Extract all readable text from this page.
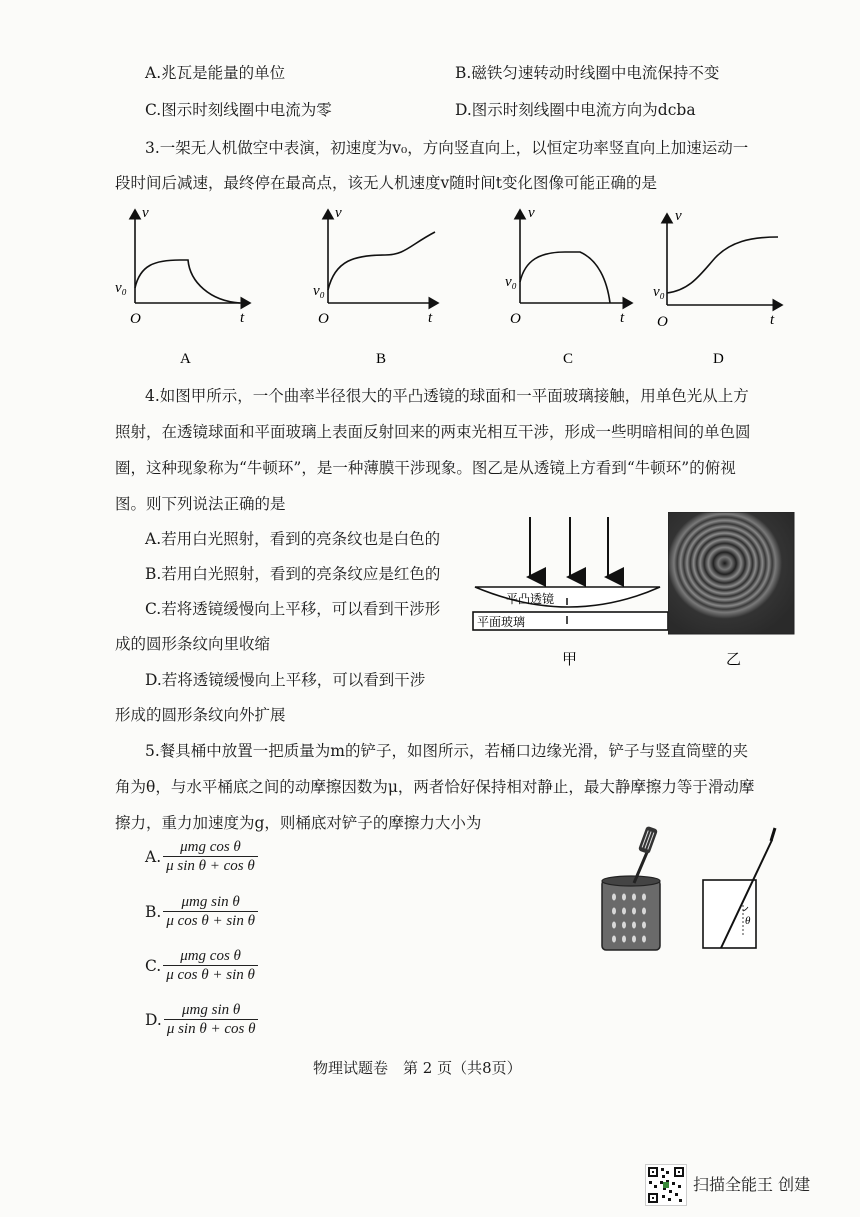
A.兆瓦是能量的单位	B.磁铁匀速转动时线圈中电流保持不变
C.图示时刻线圈中电流为零	D.图示时刻线圈中电流方向为dcba
3.一架无人机做空中表演，初速度为v₀，方向竖直向上，以恒定功率竖直向上加速运动一
段时间后减速，最终停在最高点，该无人机速度v随时间t变化图像可能正确的是
v
t
O
v₀
A
v
t
O
v₀
B
v
t
O
v₀
C
v
t
O
v₀
D
4.如图甲所示，一个曲率半径很大的平凸透镜的球面和一平面玻璃接触，用单色光从上方
照射，在透镜球面和平面玻璃上表面反射回来的两束光相互干涉，形成一些明暗相间的单色圆
圈，这种现象称为“牛顿环”，是一种薄膜干涉现象。图乙是从透镜上方看到“牛顿环”的俯视
图。则下列说法正确的是
A.若用白光照射，看到的亮条纹也是白色的
B.若用白光照射，看到的亮条纹应是红色的
C.若将透镜缓慢向上平移，可以看到干涉形
成的圆形条纹向里收缩
D.若将透镜缓慢向上平移，可以看到干涉
形成的圆形条纹向外扩展
平凸透镜
平面玻璃
甲	乙
5.餐具桶中放置一把质量为m的铲子，如图所示，若桶口边缘光滑，铲子与竖直筒壁的夹
角为θ，与水平桶底之间的动摩擦因数为μ，两者恰好保持相对静止，最大静摩擦力等于滑动摩
擦力，重力加速度为g，则桶底对铲子的摩擦力大小为
A. $\frac{\text{μmg cos θ}}{\text{μ sin θ + cos θ}}$
B. $\frac{\text{μmg sin θ}}{\text{μ cos θ + sin θ}}$
C. $\frac{\text{μmg cos θ}}{\text{μ cos θ + sin θ}}$
D. $\frac{\text{μmg sin θ}}{\text{μ sin θ + cos θ}}$
θ
物理试题卷　第 2 页（共8页）
扫描全能王 创建
